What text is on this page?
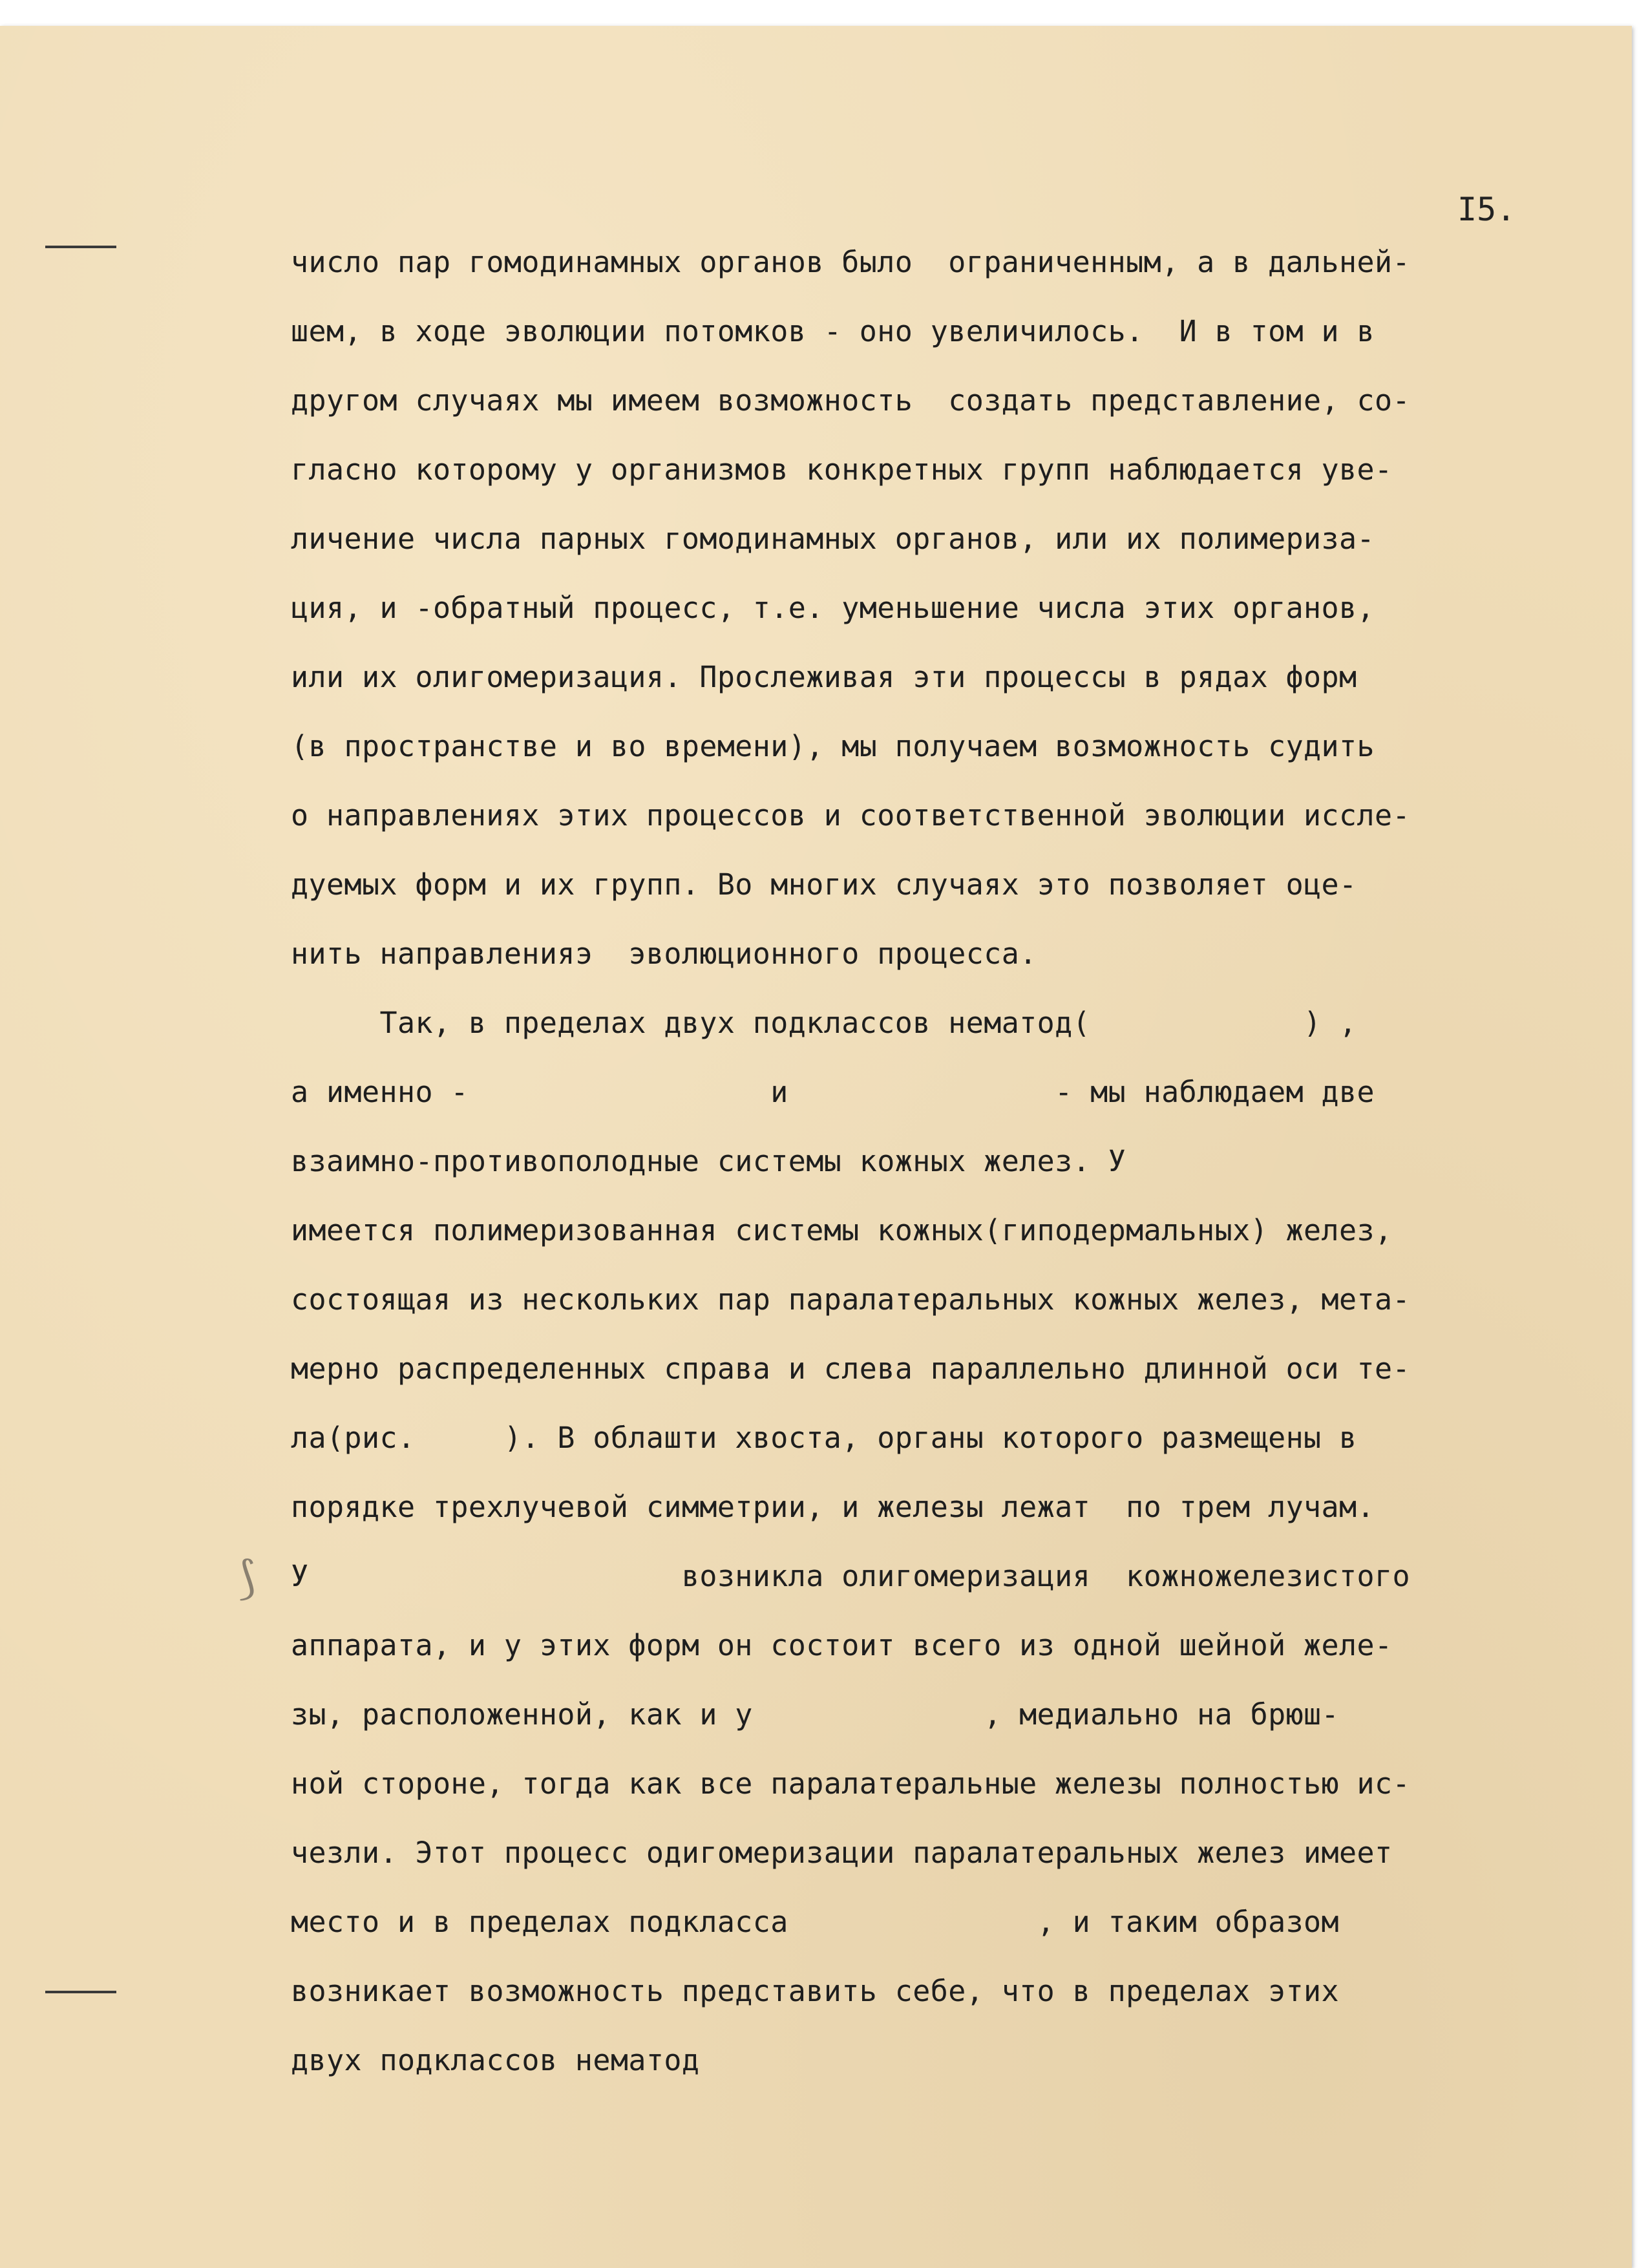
⟆
I5.
число пар гомодинамных органов было  ограниченным, а в дальней-
шем, в ходе эволюции потомков - оно увеличилось.  И в том и в
другом случаях мы имеем возможность  создать представление, со-
гласно которому у организмов конкретных групп наблюдается уве-
личение числа парных гомодинамных органов, или их полимериза-
ция, и -обратный процесс, т.е. уменьшение числа этих органов,
или их олигомеризация. Прослеживая эти процессы в рядах форм
(в пространстве и во времени), мы получаем возможность судить
о направлениях этих процессов и соответственной эволюции иссле-
дуемых форм и их групп. Во многих случаях это позволяет оце-
нить направленияэ  эволюционного процесса.
Так, в пределах двух подклассов нематод(            ) ,
а именно -                 и               - мы наблюдаем две
взаимно-противополодные системы кожных желез. У
имеется полимеризованная системы кожных(гиподермальных) желез,
состоящая из нескольких пар паралатеральных кожных желез, мета-
мерно распределенных справа и слева параллельно длинной оси те-
ла(рис.     ). В облашти хвоста, органы которого размещены в
порядке трехлучевой симметрии, и железы лежат  по трем лучам.
У                     возникла олигомеризация  кожножелезистого
аппарата, и у этих форм он состоит всего из одной шейной желе-
зы, расположенной, как и у             , медиально на брюш-
ной стороне, тогда как все паралатеральные железы полностью ис-
чезли. Этот процесс одигомеризации паралатеральных желез имеет
место и в пределах подкласса              , и таким образом
возникает возможность представить себе, что в пределах этих
двух подклассов нематод
